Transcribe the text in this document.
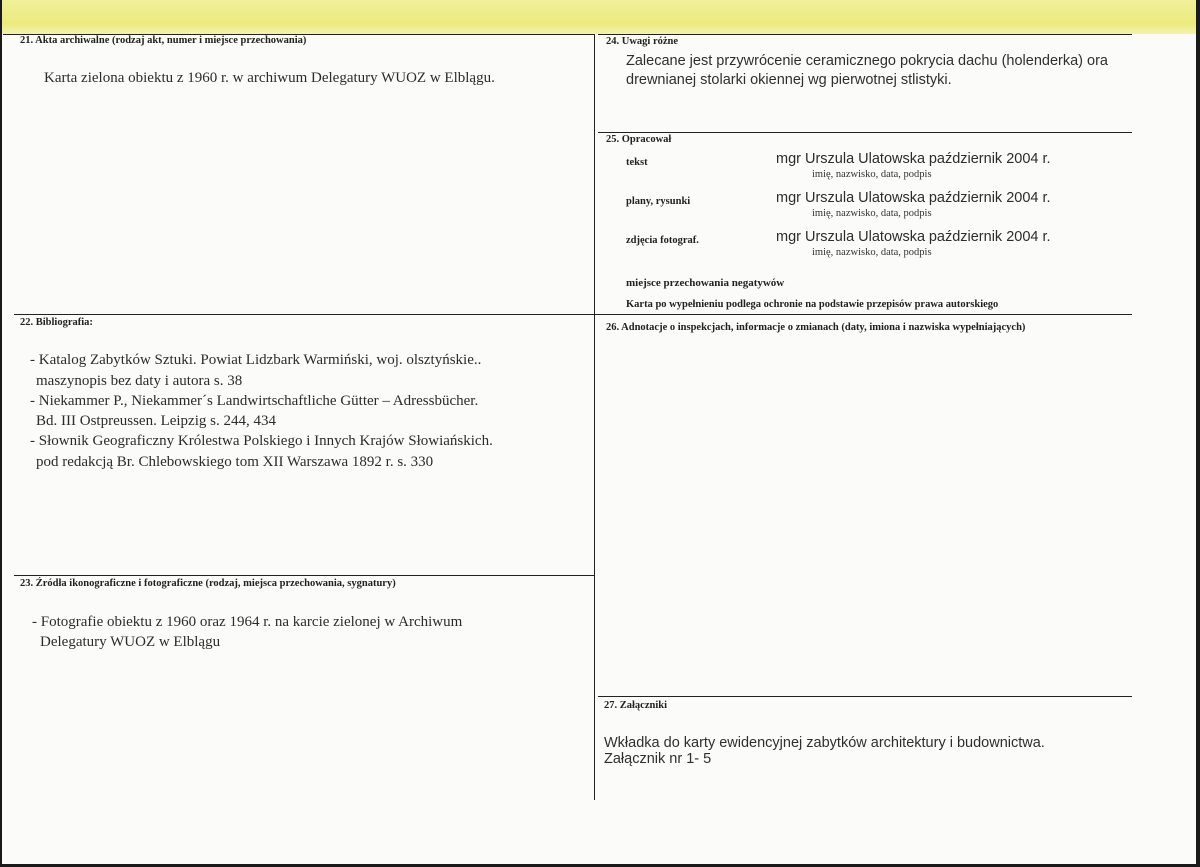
21. Akta archiwalne (rodzaj akt, numer i miejsce przechowania)
Karta zielona obiektu z 1960 r. w archiwum Delegatury WUOZ w Elblągu.
24. Uwagi różne
Zalecane jest przywrócenie ceramicznego pokrycia dachu (holenderka) ora
drewnianej stolarki okiennej wg pierwotnej stlistyki.
25. Opracował
tekst	mgr Urszula Ulatowska październik 2004 r.
imię, nazwisko, data, podpis
plany, rysunki	mgr Urszula Ulatowska październik 2004 r.
imię, nazwisko, data, podpis
zdjęcia fotograf.	mgr Urszula Ulatowska październik 2004 r.
imię, nazwisko, data, podpis
miejsce przechowania negatywów
Karta po wypełnieniu podlega ochronie na podstawie przepisów prawa autorskiego
22. Bibliografia:
- Katalog Zabytków Sztuki. Powiat Lidzbark Warmiński, woj. olsztyńskie..
maszynopis bez daty i autora s. 38
- Niekammer P., Niekammer´s Landwirtschaftliche Gütter – Adressbücher.
Bd. III Ostpreussen. Leipzig s. 244, 434
- Słownik Geograficzny Królestwa Polskiego i Innych Krajów Słowiańskich.
pod redakcją Br. Chlebowskiego tom XII Warszawa 1892 r. s. 330
26. Adnotacje o inspekcjach, informacje o zmianach (daty, imiona i nazwiska wypełniających)
23. Źródła ikonograficzne i fotograficzne (rodzaj, miejsca przechowania, sygnatury)
- Fotografie obiektu z 1960 oraz 1964 r. na karcie zielonej w Archiwum
Delegatury WUOZ w Elblągu
27. Załączniki
Wkładka do karty ewidencyjnej zabytków architektury i budownictwa.
Załącznik nr 1- 5
